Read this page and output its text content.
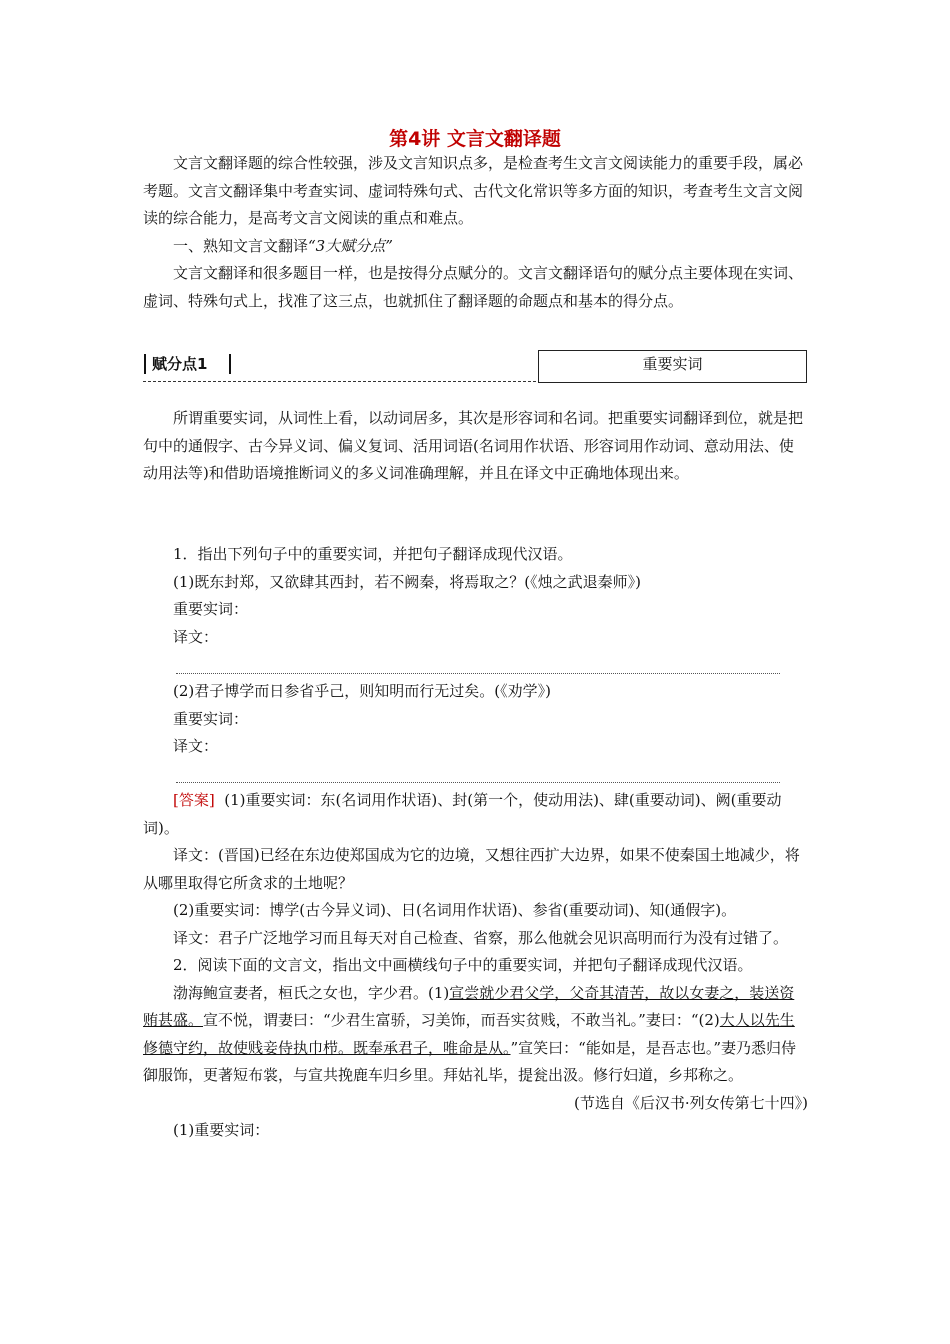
第4讲 文言文翻译题

文言文翻译题的综合性较强，涉及文言知识点多，是检查考生文言文阅读能力的重要手段，属必考题。文言文翻译集中考查实词、虚词特殊句式、古代文化常识等多方面的知识，考查考生文言文阅读的综合能力，是高考文言文阅读的重点和难点。

一、熟知文言文翻译“3大赋分点”

文言文翻译和很多题目一样，也是按得分点赋分的。文言文翻译语句的赋分点主要体现在实词、虚词、特殊句式上，找准了这三点，也就抓住了翻译题的命题点和基本的得分点。

赋分点1	重要实词

所谓重要实词，从词性上看，以动词居多，其次是形容词和名词。把重要实词翻译到位，就是把句中的通假字、古今异义词、偏义复词、活用词语(名词用作状语、形容词用作动词、意动用法、使动用法等)和借助语境推断词义的多义词准确理解，并且在译文中正确地体现出来。

1．指出下列句子中的重要实词，并把句子翻译成现代汉语。

(1)既东封郑，又欲肆其西封，若不阙秦，将焉取之？(《烛之武退秦师》)

重要实词：

译文：

(2)君子博学而日参省乎己，则知明而行无过矣。(《劝学》)

重要实词：

译文：

[答案] (1)重要实词：东(名词用作状语)、封(第一个，使动用法)、肆(重要动词)、阙(重要动词)。

译文：(晋国)已经在东边使郑国成为它的边境，又想往西扩大边界，如果不使秦国土地减少，将从哪里取得它所贪求的土地呢？

(2)重要实词：博学(古今异义词)、日(名词用作状语)、参省(重要动词)、知(通假字)。

译文：君子广泛地学习而且每天对自己检查、省察，那么他就会见识高明而行为没有过错了。

2．阅读下面的文言文，指出文中画横线句子中的重要实词，并把句子翻译成现代汉语。

渤海鲍宣妻者，桓氏之女也，字少君。(1)宣尝就少君父学，父奇其清苦，故以女妻之，装送资贿甚盛。宣不悦，谓妻曰：“少君生富骄，习美饰，而吾实贫贱，不敢当礼。”妻曰：“(2)大人以先生修德守约，故使贱妾侍执巾栉。既奉承君子，唯命是从。”宣笑曰：“能如是，是吾志也。”妻乃悉归侍御服饰，更著短布裳，与宣共挽鹿车归乡里。拜姑礼毕，提瓮出汲。修行妇道，乡邦称之。

(节选自《后汉书·列女传第七十四》)

(1)重要实词：
